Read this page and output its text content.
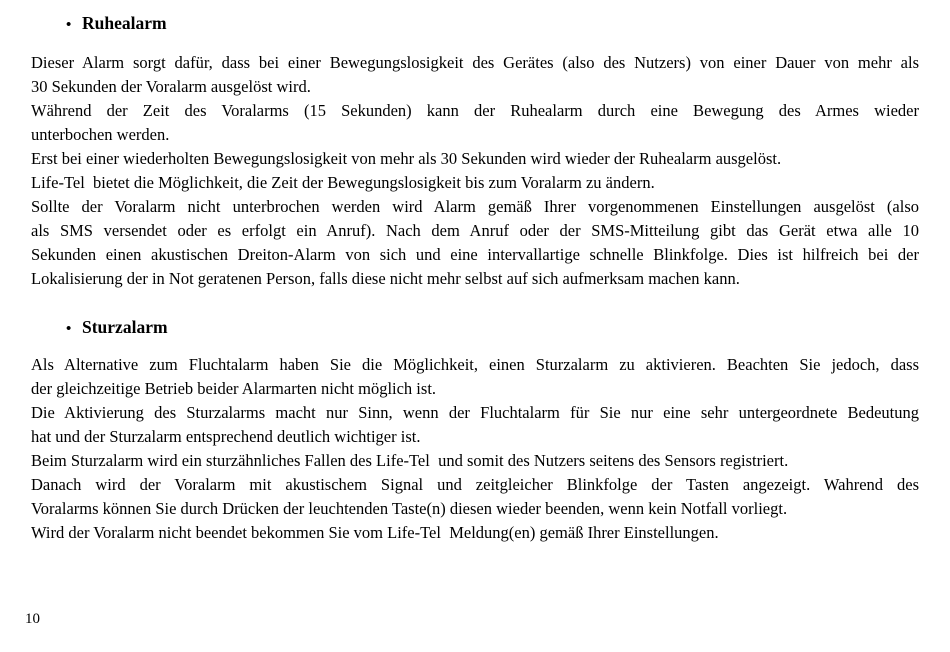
• Ruhealarm
Dieser Alarm sorgt dafür, dass bei einer Bewegungslosigkeit des Gerätes (also des Nutzers) von einer Dauer von mehr als
30 Sekunden der Voralarm ausgelöst wird.
Während der Zeit des Voralarms (15 Sekunden) kann der Ruhealarm durch eine Bewegung des Armes wieder
unterbochen werden.
Erst bei einer wiederholten Bewegungslosigkeit von mehr als 30 Sekunden wird wieder der Ruhealarm ausgelöst.
Life-Tel  bietet die Möglichkeit, die Zeit der Bewegungslosigkeit bis zum Voralarm zu ändern.
Sollte der Voralarm nicht unterbrochen werden wird Alarm gemäß Ihrer vorgenommenen Einstellungen ausgelöst (also
als SMS versendet oder es erfolgt ein Anruf). Nach dem Anruf oder der SMS-Mitteilung gibt das Gerät etwa alle 10
Sekunden einen akustischen Dreiton-Alarm von sich und eine intervallartige schnelle Blinkfolge. Dies ist hilfreich bei der
Lokalisierung der in Not geratenen Person, falls diese nicht mehr selbst auf sich aufmerksam machen kann.
• Sturzalarm
Als Alternative zum Fluchtalarm haben Sie die Möglichkeit, einen Sturzalarm zu aktivieren. Beachten Sie jedoch, dass
der gleichzeitige Betrieb beider Alarmarten nicht möglich ist.
Die Aktivierung des Sturzalarms macht nur Sinn, wenn der Fluchtalarm für Sie nur eine sehr untergeordnete Bedeutung
hat und der Sturzalarm entsprechend deutlich wichtiger ist.
Beim Sturzalarm wird ein sturzähnliches Fallen des Life-Tel  und somit des Nutzers seitens des Sensors registriert.
Danach wird der Voralarm mit akustischem Signal und zeitgleicher Blinkfolge der Tasten angezeigt. Wahrend des
Voralarms können Sie durch Drücken der leuchtenden Taste(n) diesen wieder beenden, wenn kein Notfall vorliegt.
Wird der Voralarm nicht beendet bekommen Sie vom Life-Tel  Meldung(en) gemäß Ihrer Einstellungen.
10
